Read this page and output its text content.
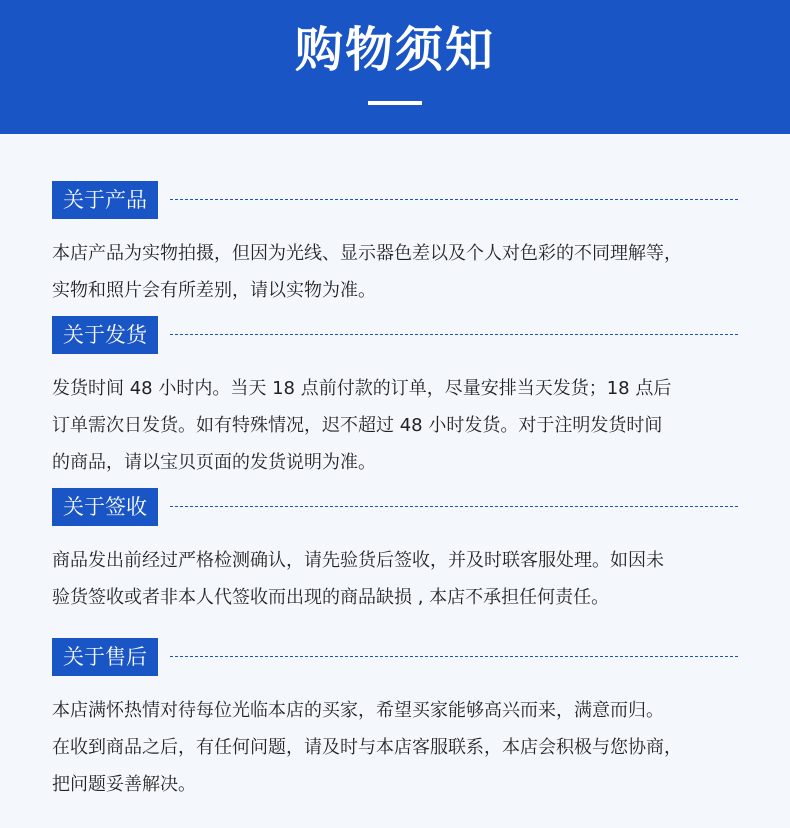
购物须知
关于产品

本店产品为实物拍摄，但因为光线、显示器色差以及个人对色彩的不同理解等，

实物和照片会有所差别，请以实物为准。

关于发货

发货时间 48 小时内。当天 18 点前付款的订单，尽量安排当天发货；18 点后

订单需次日发货。如有特殊情况，迟不超过 48 小时发货。对于注明发货时间

的商品，请以宝贝页面的发货说明为准。

关于签收

商品发出前经过严格检测确认，请先验货后签收，并及时联客服处理。如因未

验货签收或者非本人代签收而出现的商品缺损 , 本店不承担任何责任。

关于售后

本店满怀热情对待每位光临本店的买家，希望买家能够高兴而来，满意而归。

在收到商品之后，有任何问题，请及时与本店客服联系，本店会积极与您协商，

把问题妥善解决。
